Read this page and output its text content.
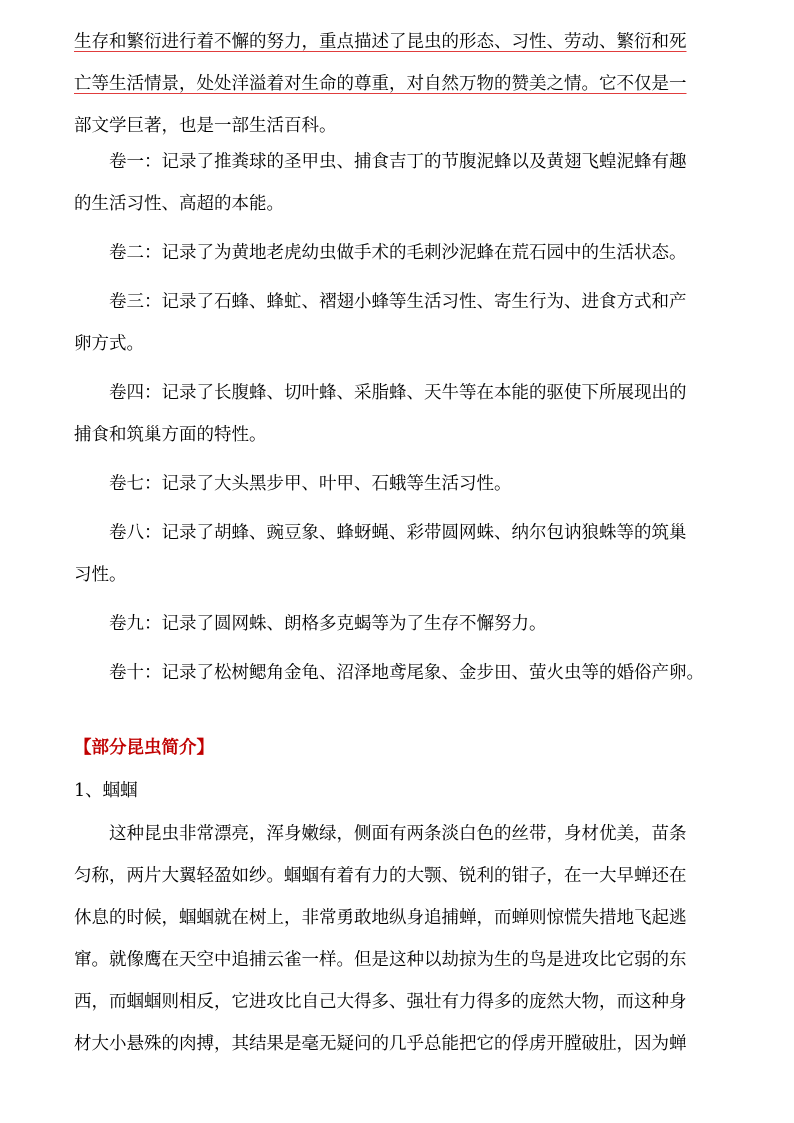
生存和繁衍进行着不懈的努力，重点描述了昆虫的形态、习性、劳动、繁衍和死

亡等生活情景，处处洋溢着对生命的尊重，对自然万物的赞美之情。它不仅是一

部文学巨著，也是一部生活百科。

卷一：记录了推粪球的圣甲虫、捕食吉丁的节腹泥蜂以及黄翅飞蝗泥蜂有趣

的生活习性、高超的本能。

卷二：记录了为黄地老虎幼虫做手术的毛刺沙泥蜂在荒石园中的生活状态。

卷三：记录了石蜂、蜂虻、褶翅小蜂等生活习性、寄生行为、进食方式和产

卵方式。

卷四：记录了长腹蜂、切叶蜂、采脂蜂、天牛等在本能的驱使下所展现出的

捕食和筑巢方面的特性。

卷七：记录了大头黑步甲、叶甲、石蛾等生活习性。

卷八：记录了胡蜂、豌豆象、蜂蚜蝇、彩带圆网蛛、纳尔包讷狼蛛等的筑巢

习性。

卷九：记录了圆网蛛、朗格多克蝎等为了生存不懈努力。

卷十：记录了松树鳃角金龟、沼泽地鸢尾象、金步田、萤火虫等的婚俗产卵。

【部分昆虫简介】

1、蝈蝈

这种昆虫非常漂亮，浑身嫩绿，侧面有两条淡白色的丝带，身材优美，苗条

匀称，两片大翼轻盈如纱。蝈蝈有着有力的大颚、锐利的钳子，在一大早蝉还在

休息的时候，蝈蝈就在树上，非常勇敢地纵身追捕蝉，而蝉则惊慌失措地飞起逃

窜。就像鹰在天空中追捕云雀一样。但是这种以劫掠为生的鸟是进攻比它弱的东

西，而蝈蝈则相反，它进攻比自己大得多、强壮有力得多的庞然大物，而这种身

材大小悬殊的肉搏，其结果是毫无疑问的几乎总能把它的俘虏开膛破肚，因为蝉
